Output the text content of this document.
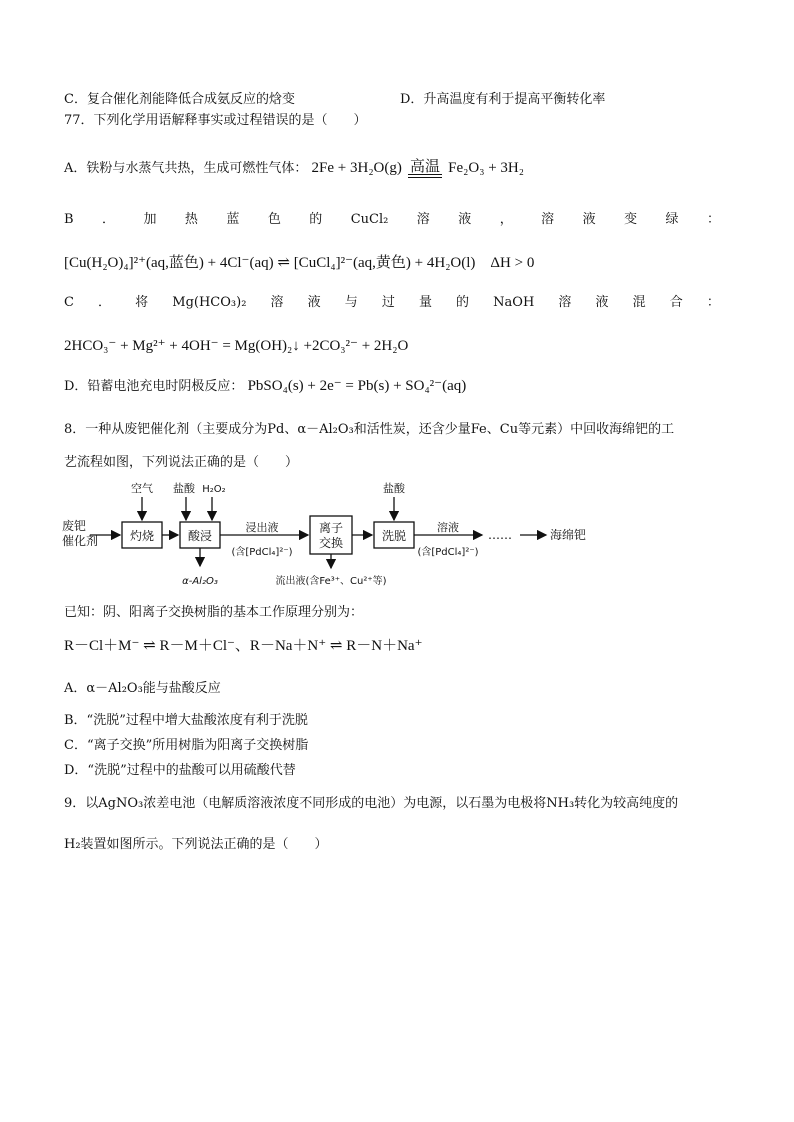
C．复合催化剂能降低合成氨反应的焓变	D．升高温度有利于提高平衡转化率
77．下列化学用语解释事实或过程错误的是（　　）
A．铁粉与水蒸气共热，生成可燃性气体： 2Fe + 3H₂O(g) 高温 Fe₂O₃ + 3H₂
B ． 加 热 蓝 色 的 CuCl₂ 溶 液 ， 溶 液 变 绿 ：
[Cu(H₂O)₄]²⁺(aq,蓝色) + 4Cl⁻(aq) ⇌ [CuCl₄]²⁻(aq,黄色) + 4H₂O(l)　ΔH > 0
C ． 将 Mg(HCO₃)₂ 溶 液 与 过 量 的 NaOH 溶 液 混 合 ：
2HCO₃⁻ + Mg²⁺ + 4OH⁻ = Mg(OH)₂↓ +2CO₃²⁻ + 2H₂O
D．铅蓄电池充电时阴极反应： PbSO₄(s) + 2e⁻ = Pb(s) + SO₄²⁻(aq)
8．一种从废钯催化剂（主要成分为Pd、α－Al₂O₃和活性炭，还含少量Fe、Cu等元素）中回收海绵钯的工
艺流程如图，下列说法正确的是（　　）
废钯
催化剂	灼烧
空气
酸浸
盐酸 H₂O₂
α-Al₂O₃
浸出液
(含[PdCl₄]²⁻)
离子
交换
流出液(含Fe³⁺、Cu²⁺等)
洗脱
盐酸
溶液
(含[PdCl₄]²⁻)
……	海绵钯
已知：阴、阳离子交换树脂的基本工作原理分别为：
R－Cl＋M⁻ ⇌ R－M＋Cl⁻、R－Na＋N⁺ ⇌ R－N＋Na⁺
A．α－Al₂O₃能与盐酸反应
B．“洗脱”过程中增大盐酸浓度有利于洗脱
C．“离子交换”所用树脂为阳离子交换树脂
D．“洗脱”过程中的盐酸可以用硫酸代替
9．以AgNO₃浓差电池（电解质溶液浓度不同形成的电池）为电源，以石墨为电极将NH₃转化为较高纯度的
H₂装置如图所示。下列说法正确的是（　　）
